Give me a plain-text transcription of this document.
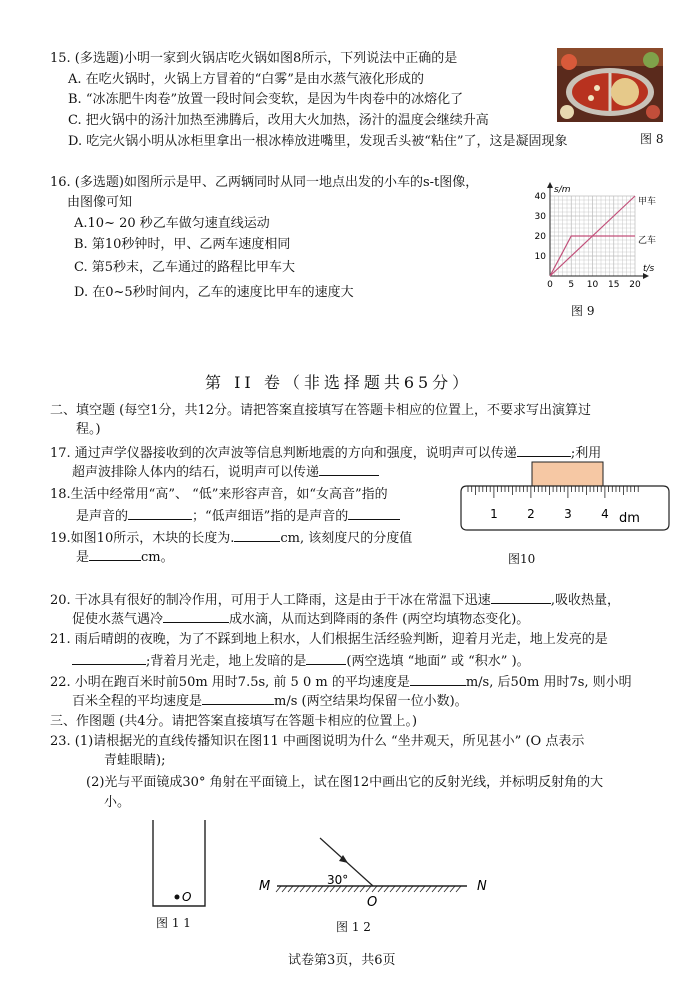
15. (多选题)小明一家到火锅店吃火锅如图8所示，下列说法中正确的是
A. 在吃火锅时，火锅上方冒着的“白雾”是由水蒸气液化形成的
B. “冰冻肥牛肉卷”放置一段时间会变软，是因为牛肉卷中的冰熔化了
C. 把火锅中的汤汁加热至沸腾后，改用大火加热，汤汁的温度会继续升高
D. 吃完火锅小明从冰柜里拿出一根冰棒放进嘴里，发现舌头被“粘住”了，这是凝固现象	图 8
16. (多选题)如图所示是甲、乙两辆同时从同一地点出发的小车的s-t图像，
由图像可知
A.10~ 20 秒乙车做匀速直线运动
B. 第10秒钟时，甲、乙两车速度相同
C. 第5秒末，乙车通过的路程比甲车大
D. 在0~5秒时间内，乙车的速度比甲车的速度大	0 5 10 15 20
10
20
30
40
t/s
s/m
甲车
乙车
图 9
第 II 卷（非选择题共65分）
二、填空题 (每空1分，共12分。请把答案直接填写在答题卡相应的位置上，不要求写出演算过
程。)
17. 通过声学仪器接收到的次声波等信息判断地震的方向和强度，说明声可以传递	;利用
超声波排除人体内的结石，说明声可以传递
18.生活中经常用“高”、 “低”来形容声音，如“女高音”指的
是声音的	；“低声细语”指的是声音的
19.如图10所示，木块的长度为.	cm, 该刻度尺的分度值
是	cm。
1 2 3 4 dm
图10
20. 干冰具有很好的制冷作用，可用于人工降雨，这是由于干冰在常温下迅速	,吸收热量，
促使水蒸气遇冷	成水滴，从而达到降雨的条件 (两空均填物态变化)。
21. 雨后晴朗的夜晚，为了不踩到地上积水，人们根据生活经验判断，迎着月光走，地上发亮的是
;背着月光走，地上发暗的是	(两空选填 “地面” 或 “积水” )。
22. 小明在跑百米时前50m 用时7.5s, 前 5 0 m 的平均速度是	m/s, 后50m 用时7s, 则小明
百米全程的平均速度是	m/s (两空结果均保留一位小数)。
三、作图题 (共4分。请把答案直接填写在答题卡相应的位置上。)
23. (1)请根据光的直线传播知识在图11 中画图说明为什么 “坐井观天，所见甚小” (O 点表示
青蛙眼睛);
(2)光与平面镜成30° 角射在平面镜上，试在图12中画出它的反射光线，并标明反射角的大
小。
O
图 1 1
30°
M	N
O
图 1 2
试卷第3页，共6页
